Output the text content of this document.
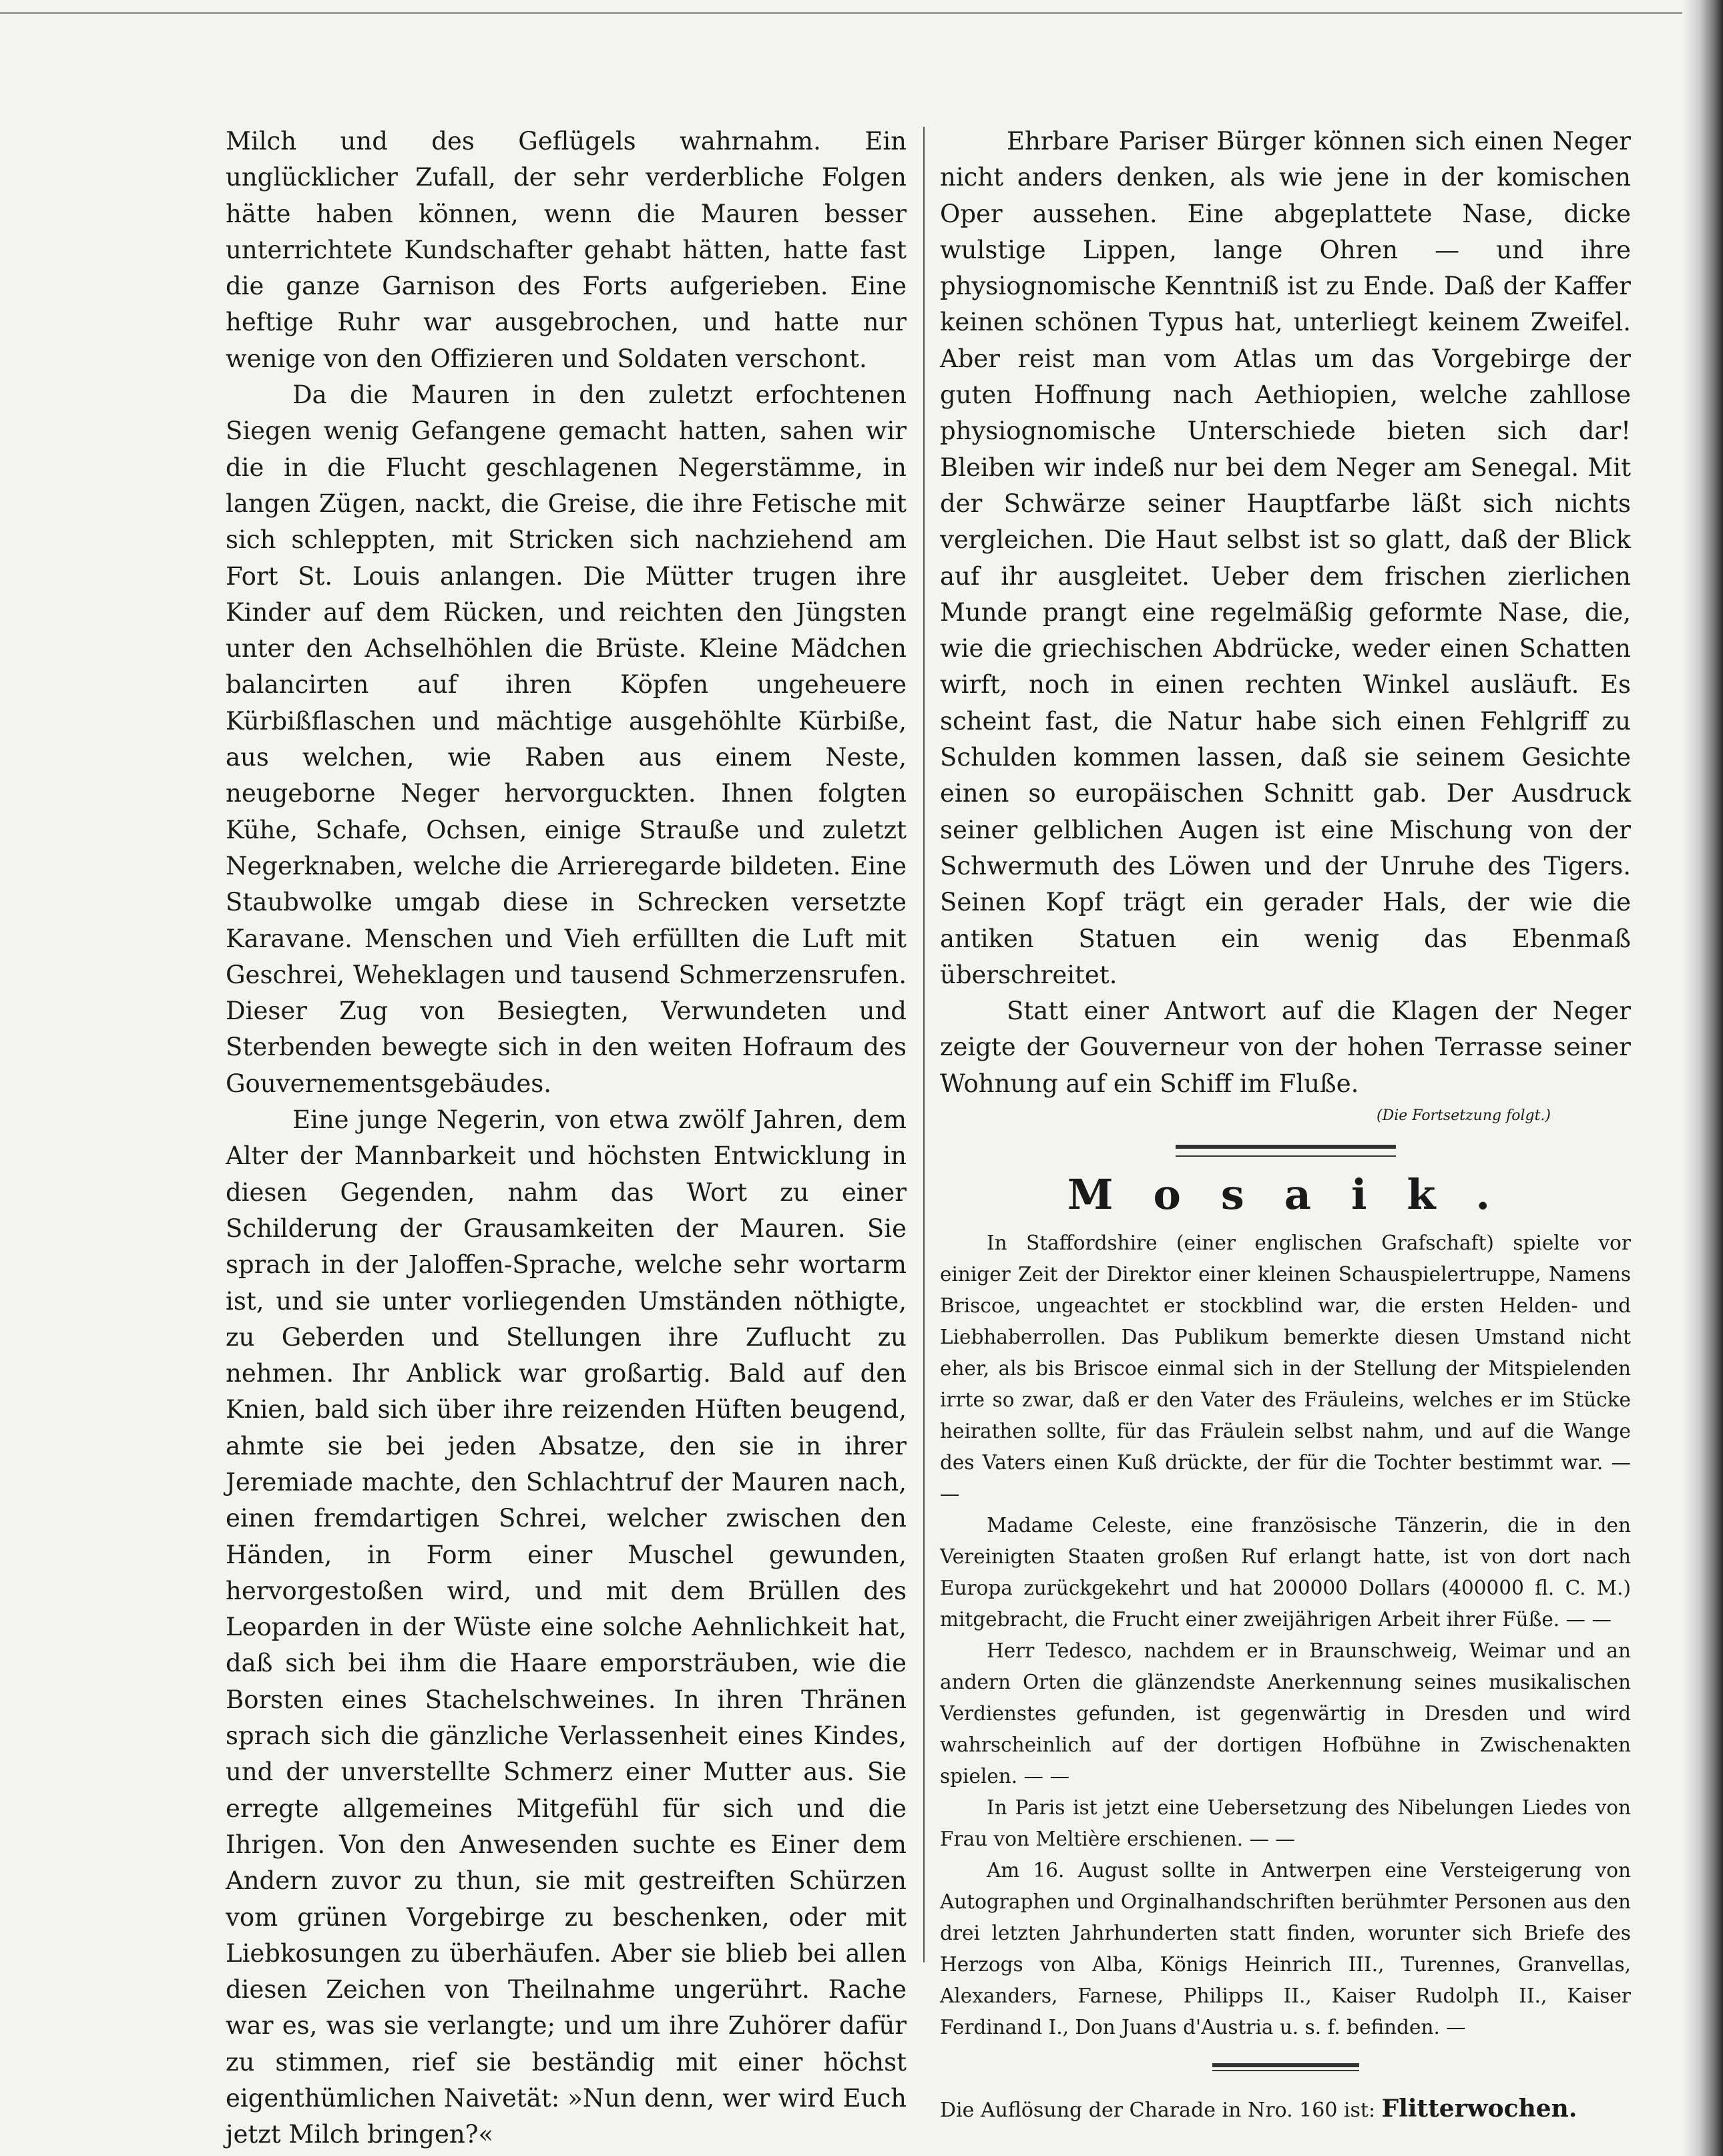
Milch und des Geflügels wahrnahm. Ein unglücklicher Zufall, der sehr verderbliche Folgen hätte haben können, wenn die Mauren besser unterrichtete Kundschafter gehabt hätten, hatte fast die ganze Garnison des Forts aufgerieben. Eine heftige Ruhr war ausgebrochen, und hatte nur wenige von den Offizieren und Soldaten verschont.

Da die Mauren in den zuletzt erfochtenen Siegen wenig Gefangene gemacht hatten, sahen wir die in die Flucht geschlagenen Negerstämme, in langen Zügen, nackt, die Greise, die ihre Fetische mit sich schleppten, mit Stricken sich nachziehend am Fort St. Louis anlangen. Die Mütter trugen ihre Kinder auf dem Rücken, und reichten den Jüngsten unter den Achselhöhlen die Brüste. Kleine Mädchen balancirten auf ihren Köpfen ungeheuere Kürbißflaschen und mächtige ausgehöhlte Kürbiße, aus welchen, wie Raben aus einem Neste, neugeborne Neger hervorguckten. Ihnen folgten Kühe, Schafe, Ochsen, einige Strauße und zuletzt Negerknaben, welche die Arrieregarde bildeten. Eine Staubwolke umgab diese in Schrecken versetzte Karavane. Menschen und Vieh erfüllten die Luft mit Geschrei, Weheklagen und tausend Schmerzensrufen. Dieser Zug von Besiegten, Verwundeten und Sterbenden bewegte sich in den weiten Hofraum des Gouvernementsgebäudes.

Eine junge Negerin, von etwa zwölf Jahren, dem Alter der Mannbarkeit und höchsten Entwicklung in diesen Gegenden, nahm das Wort zu einer Schilderung der Grausamkeiten der Mauren. Sie sprach in der Jaloffen-Sprache, welche sehr wortarm ist, und sie unter vorliegenden Umständen nöthigte, zu Geberden und Stellungen ihre Zuflucht zu nehmen. Ihr Anblick war großartig. Bald auf den Knien, bald sich über ihre reizenden Hüften beugend, ahmte sie bei jeden Absatze, den sie in ihrer Jeremiade machte, den Schlachtruf der Mauren nach, einen fremdartigen Schrei, welcher zwischen den Händen, in Form einer Muschel gewunden, hervorgestoßen wird, und mit dem Brüllen des Leoparden in der Wüste eine solche Aehnlichkeit hat, daß sich bei ihm die Haare emporsträuben, wie die Borsten eines Stachelschweines. In ihren Thränen sprach sich die gänzliche Verlassenheit eines Kindes, und der unverstellte Schmerz einer Mutter aus. Sie erregte allgemeines Mitgefühl für sich und die Ihrigen. Von den Anwesenden suchte es Einer dem Andern zuvor zu thun, sie mit gestreiften Schürzen vom grünen Vorgebirge zu beschenken, oder mit Liebkosungen zu überhäufen. Aber sie blieb bei allen diesen Zeichen von Theilnahme ungerührt. Rache war es, was sie verlangte; und um ihre Zuhörer dafür zu stimmen, rief sie beständig mit einer höchst eigenthümlichen Naivetät: »Nun denn, wer wird Euch jetzt Milch bringen?«

Ehrbare Pariser Bürger können sich einen Neger nicht anders denken, als wie jene in der komischen Oper aussehen. Eine abgeplattete Nase, dicke wulstige Lippen, lange Ohren — und ihre physiognomische Kenntniß ist zu Ende. Daß der Kaffer keinen schönen Typus hat, unterliegt keinem Zweifel. Aber reist man vom Atlas um das Vorgebirge der guten Hoffnung nach Aethiopien, welche zahllose physiognomische Unterschiede bieten sich dar! Bleiben wir indeß nur bei dem Neger am Senegal. Mit der Schwärze seiner Hauptfarbe läßt sich nichts vergleichen. Die Haut selbst ist so glatt, daß der Blick auf ihr ausgleitet. Ueber dem frischen zierlichen Munde prangt eine regelmäßig geformte Nase, die, wie die griechischen Abdrücke, weder einen Schatten wirft, noch in einen rechten Winkel ausläuft. Es scheint fast, die Natur habe sich einen Fehlgriff zu Schulden kommen lassen, daß sie seinem Gesichte einen so europäischen Schnitt gab. Der Ausdruck seiner gelblichen Augen ist eine Mischung von der Schwermuth des Löwen und der Unruhe des Tigers. Seinen Kopf trägt ein gerader Hals, der wie die antiken Statuen ein wenig das Ebenmaß überschreitet.

Statt einer Antwort auf die Klagen der Neger zeigte der Gouverneur von der hohen Terrasse seiner Wohnung auf ein Schiff im Fluße.

(Die Fortsetzung folgt.)
Mosaik.

In Staffordshire (einer englischen Grafschaft) spielte vor einiger Zeit der Direktor einer kleinen Schauspielertruppe, Namens Briscoe, ungeachtet er stockblind war, die ersten Helden- und Liebhaberrollen. Das Publikum bemerkte diesen Umstand nicht eher, als bis Briscoe einmal sich in der Stellung der Mitspielenden irrte so zwar, daß er den Vater des Fräuleins, welches er im Stücke heirathen sollte, für das Fräulein selbst nahm, und auf die Wange des Vaters einen Kuß drückte, der für die Tochter bestimmt war. — —

Madame Celeste, eine französische Tänzerin, die in den Vereinigten Staaten großen Ruf erlangt hatte, ist von dort nach Europa zurückgekehrt und hat 200000 Dollars (400000 fl. C. M.) mitgebracht, die Frucht einer zweijährigen Arbeit ihrer Füße. — —

Herr Tedesco, nachdem er in Braunschweig, Weimar und an andern Orten die glänzendste Anerkennung seines musikalischen Verdienstes gefunden, ist gegenwärtig in Dresden und wird wahrscheinlich auf der dortigen Hofbühne in Zwischenakten spielen. — —

In Paris ist jetzt eine Uebersetzung des Nibelungen Liedes von Frau von Meltière erschienen. — —

Am 16. August sollte in Antwerpen eine Versteigerung von Autographen und Orginalhandschriften berühmter Personen aus den drei letzten Jahrhunderten statt finden, worunter sich Briefe des Herzogs von Alba, Königs Heinrich III., Turennes, Granvellas, Alexanders, Farnese, Philipps II., Kaiser Rudolph II., Kaiser Ferdinand I., Don Juans d'Austria u. s. f. befinden. —

Die Auflösung der Charade in Nro. 160 ist: Flitterwochen.
